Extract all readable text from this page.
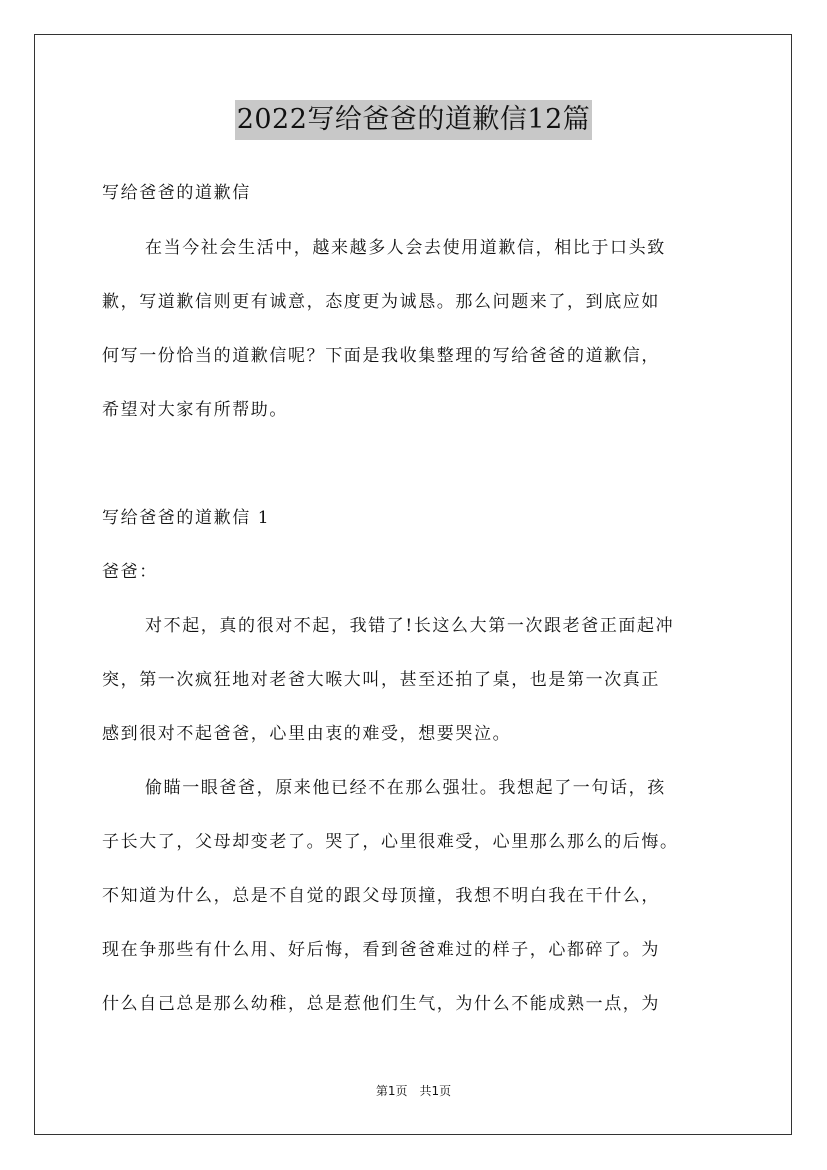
2022写给爸爸的道歉信12篇
写给爸爸的道歉信
在当今社会生活中，越来越多人会去使用道歉信，相比于口头致
歉，写道歉信则更有诚意，态度更为诚恳。那么问题来了，到底应如
何写一份恰当的道歉信呢？下面是我收集整理的写给爸爸的道歉信，
希望对大家有所帮助。
写给爸爸的道歉信 1
爸爸：
对不起，真的很对不起，我错了!长这么大第一次跟老爸正面起冲
突，第一次疯狂地对老爸大喉大叫，甚至还拍了桌，也是第一次真正
感到很对不起爸爸，心里由衷的难受，想要哭泣。
偷瞄一眼爸爸，原来他已经不在那么强壮。我想起了一句话，孩
子长大了，父母却变老了。哭了，心里很难受，心里那么那么的后悔。
不知道为什么，总是不自觉的跟父母顶撞，我想不明白我在干什么，
现在争那些有什么用、好后悔，看到爸爸难过的样子，心都碎了。为
什么自己总是那么幼稚，总是惹他们生气，为什么不能成熟一点，为
第1页　共1页
